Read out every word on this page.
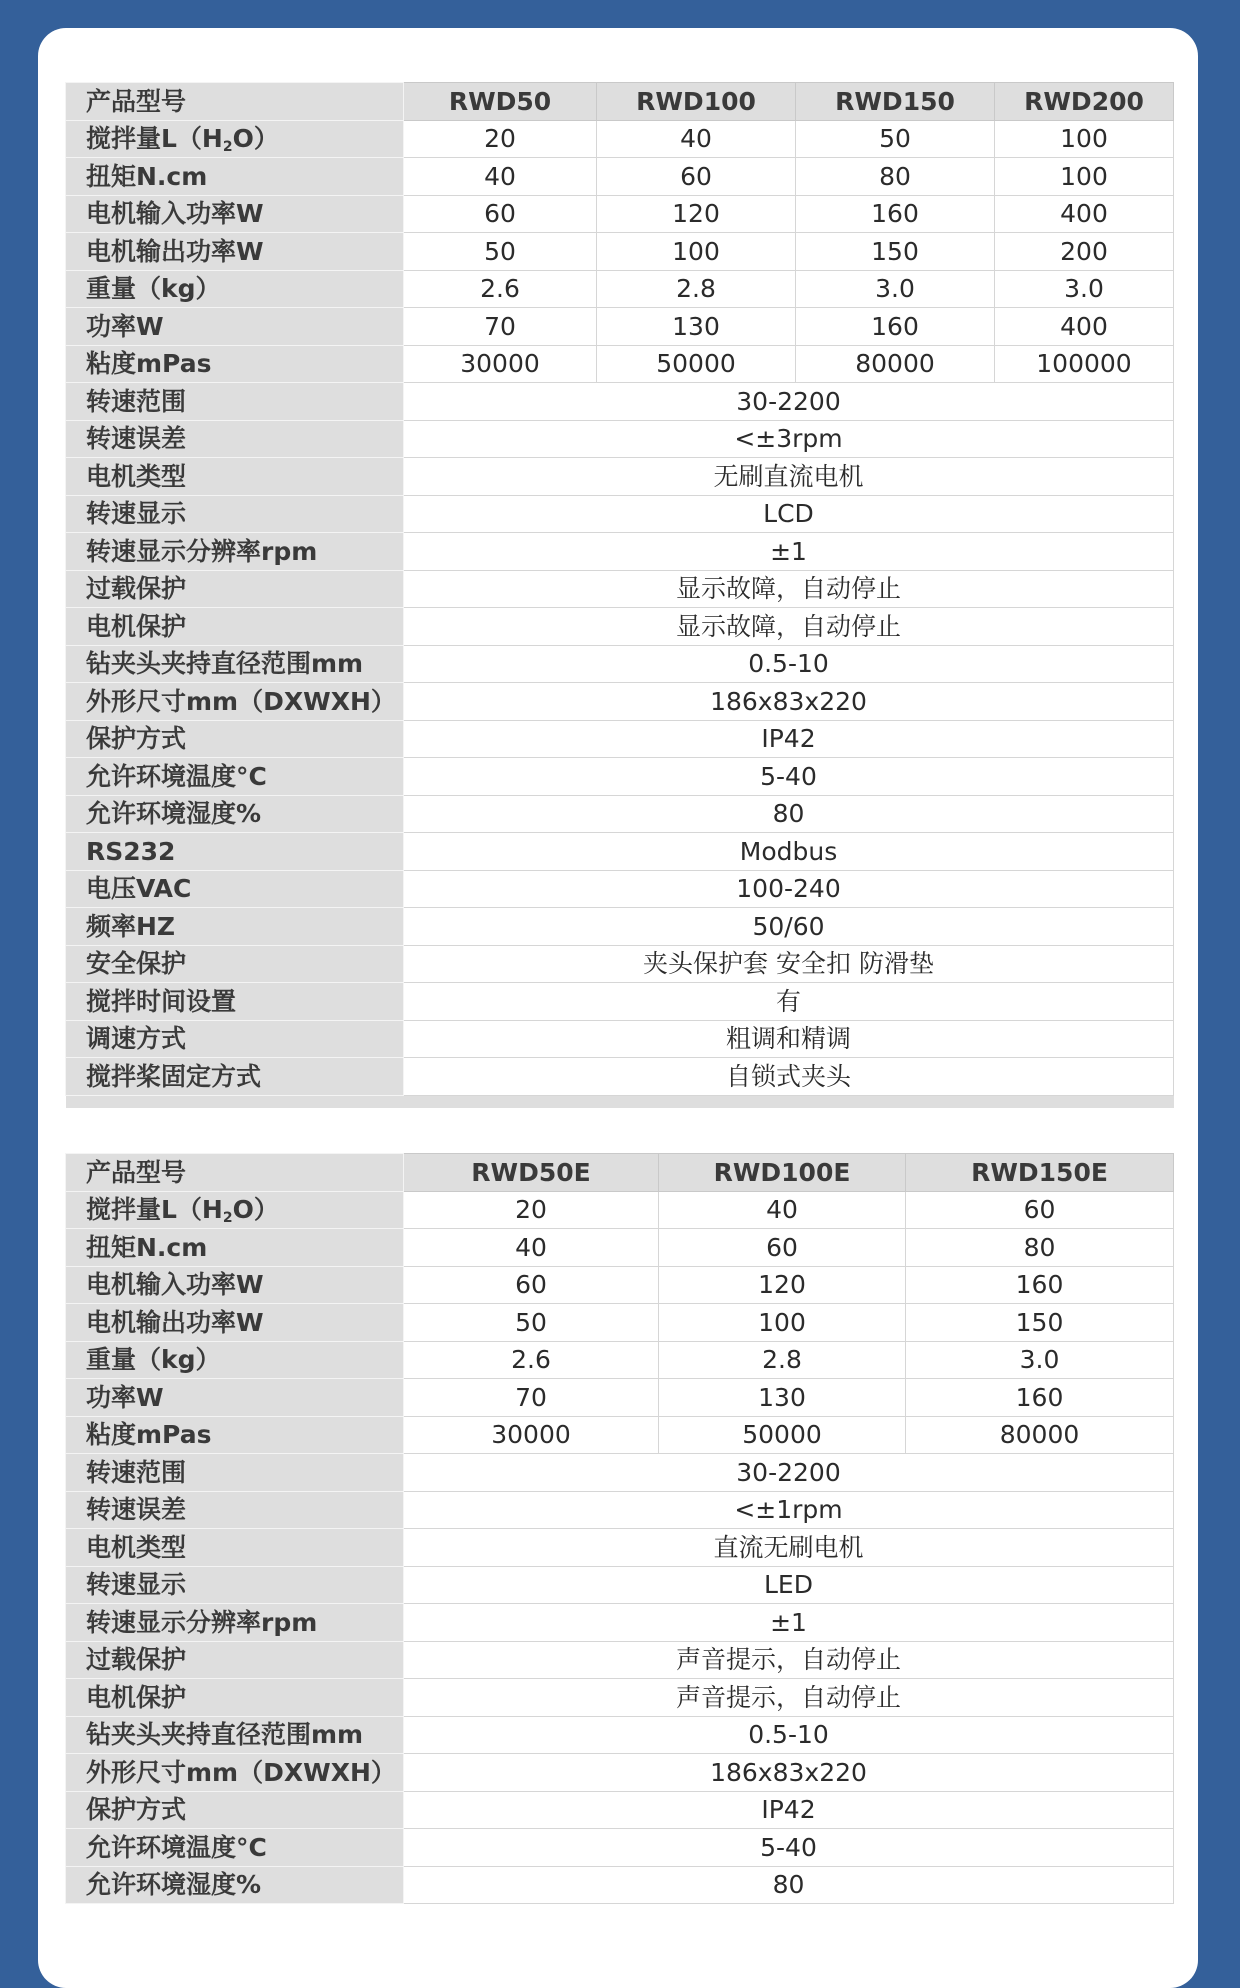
产品型号	RWD50	RWD100	RWD150	RWD200
搅拌量$L(H_2O)$	20	40	50	100
扭矩N.cm	40	60	80	100
电机输入功率W	60	120	160	400
电机输出功率W	50	100	150	200
重量（kg）	2.6	2.8	3.0	3.0
功率W	70	130	160	400
粘度mPas	30000	50000	80000	100000
转速范围	30-2200			
转速误差	<±3rpm			
电机类型	无刷直流电机			
转速显示	LCD			
转速显示分辨率rpm	±1			
过载保护	显示故障，自动停止			
电机保护	显示故障，自动停止			
钻夹头夹持直径范围mm	0.5-10			
外形尺寸mm（DXWXH）	186x83x220			
保护方式	IP42			
允许环境温度°C	5-40			
允许环境湿度%	80			
RS232	Modbus			
电压VAC	100-240			
频率HZ	50/60			
安全保护	夹头保护套 安全扣 防滑垫			
搅拌时间设置	有			
调速方式	粗调和精调			
搅拌桨固定方式	自锁式夹头			

产品型号	RWD50E	RWD100E	RWD150E
搅拌量$L(H_2O)$	20	40	60
扭矩N.cm	40	60	80
电机输入功率W	60	120	160
电机输出功率W	50	100	150
重量（kg）	2.6	2.8	3.0
功率W	70	130	160
粘度mPas	30000	50000	80000
转速范围	30-2200		
转速误差	<±1rpm		
电机类型	直流无刷电机		
转速显示	LED		
转速显示分辨率rpm	±1		
过载保护	声音提示，自动停止		
电机保护	声音提示，自动停止		
钻夹头夹持直径范围mm	0.5-10		
外形尺寸mm（DXWXH）	186x83x220		
保护方式	IP42		
允许环境温度°C	5-40		
允许环境湿度%	80		
